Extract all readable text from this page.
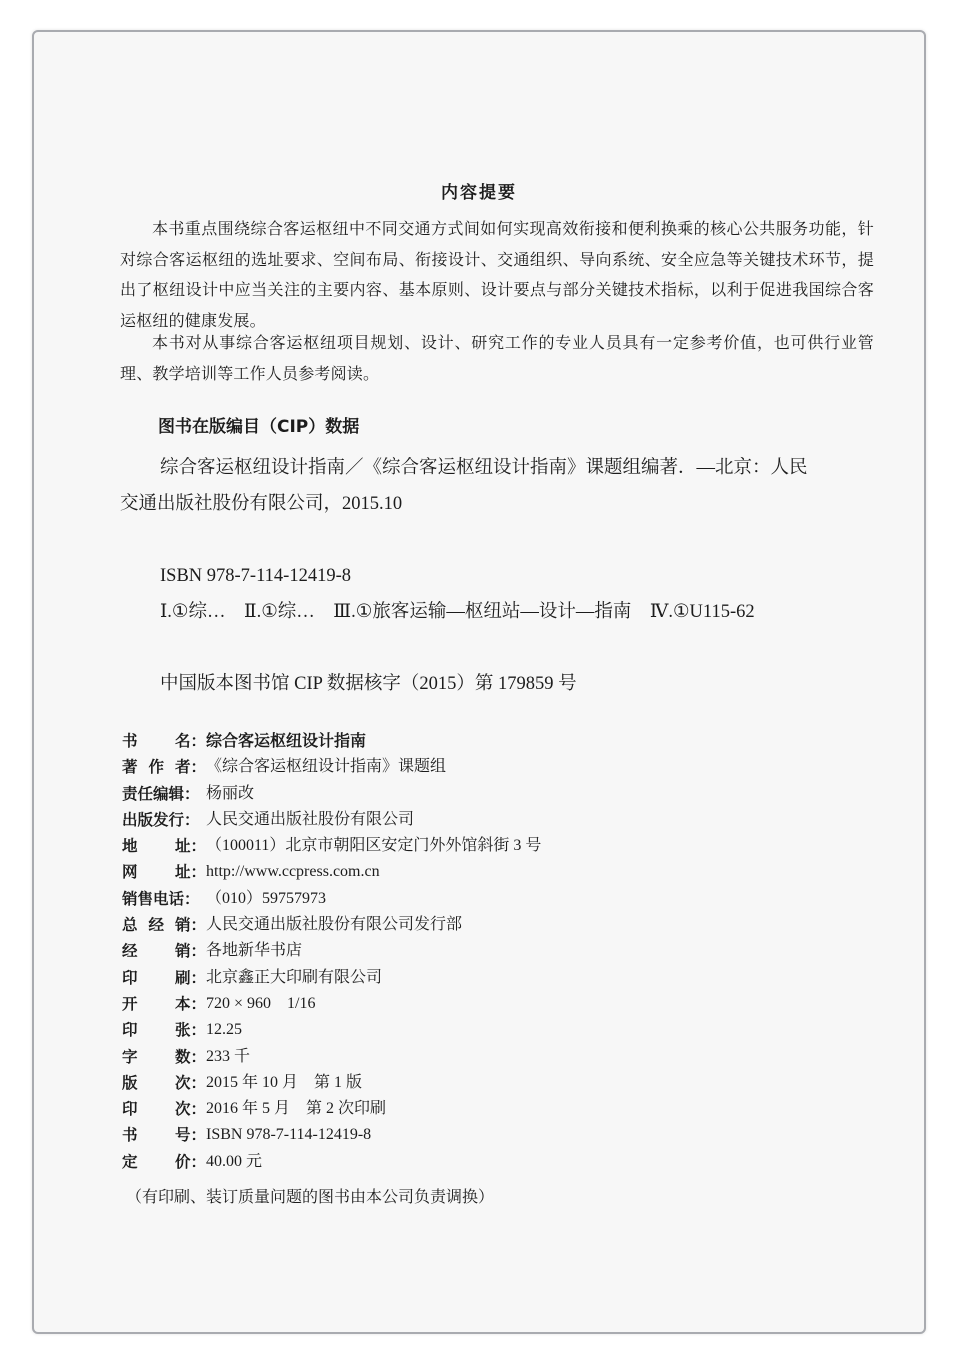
内容提要

本书重点围绕综合客运枢纽中不同交通方式间如何实现高效衔接和便利换乘的核心公共服务功能，针对综合客运枢纽的选址要求、空间布局、衔接设计、交通组织、导向系统、安全应急等关键技术环节，提出了枢纽设计中应当关注的主要内容、基本原则、设计要点与部分关键技术指标，以利于促进我国综合客运枢纽的健康发展。

本书对从事综合客运枢纽项目规划、设计、研究工作的专业人员具有一定参考价值，也可供行业管理、教学培训等工作人员参考阅读。

图书在版编目（CIP）数据

综合客运枢纽设计指南／《综合客运枢纽设计指南》课题组编著．—北京：人民交通出版社股份有限公司，2015.10

ISBN 978-7-114-12419-8

Ⅰ.①综…　Ⅱ.①综…　Ⅲ.①旅客运输—枢纽站—设计—指南　Ⅳ.①U115-62

中国版本图书馆 CIP 数据核字（2015）第 179859 号

书 名： 综合客运枢纽设计指南
著 作 者： 《综合客运枢纽设计指南》课题组
责任编辑： 杨丽改
出版发行： 人民交通出版社股份有限公司
地 址： （100011）北京市朝阳区安定门外外馆斜街 3 号
网 址： http://www.ccpress.com.cn
销售电话： （010）59757973
总 经 销： 人民交通出版社股份有限公司发行部
经 销： 各地新华书店
印 刷： 北京鑫正大印刷有限公司
开 本： 720 × 960　1/16
印 张： 12.25
字 数： 233 千
版 次： 2015 年 10 月　第 1 版
印 次： 2016 年 5 月　第 2 次印刷
书 号： ISBN 978-7-114-12419-8
定 价： 40.00 元

（有印刷、装订质量问题的图书由本公司负责调换）
